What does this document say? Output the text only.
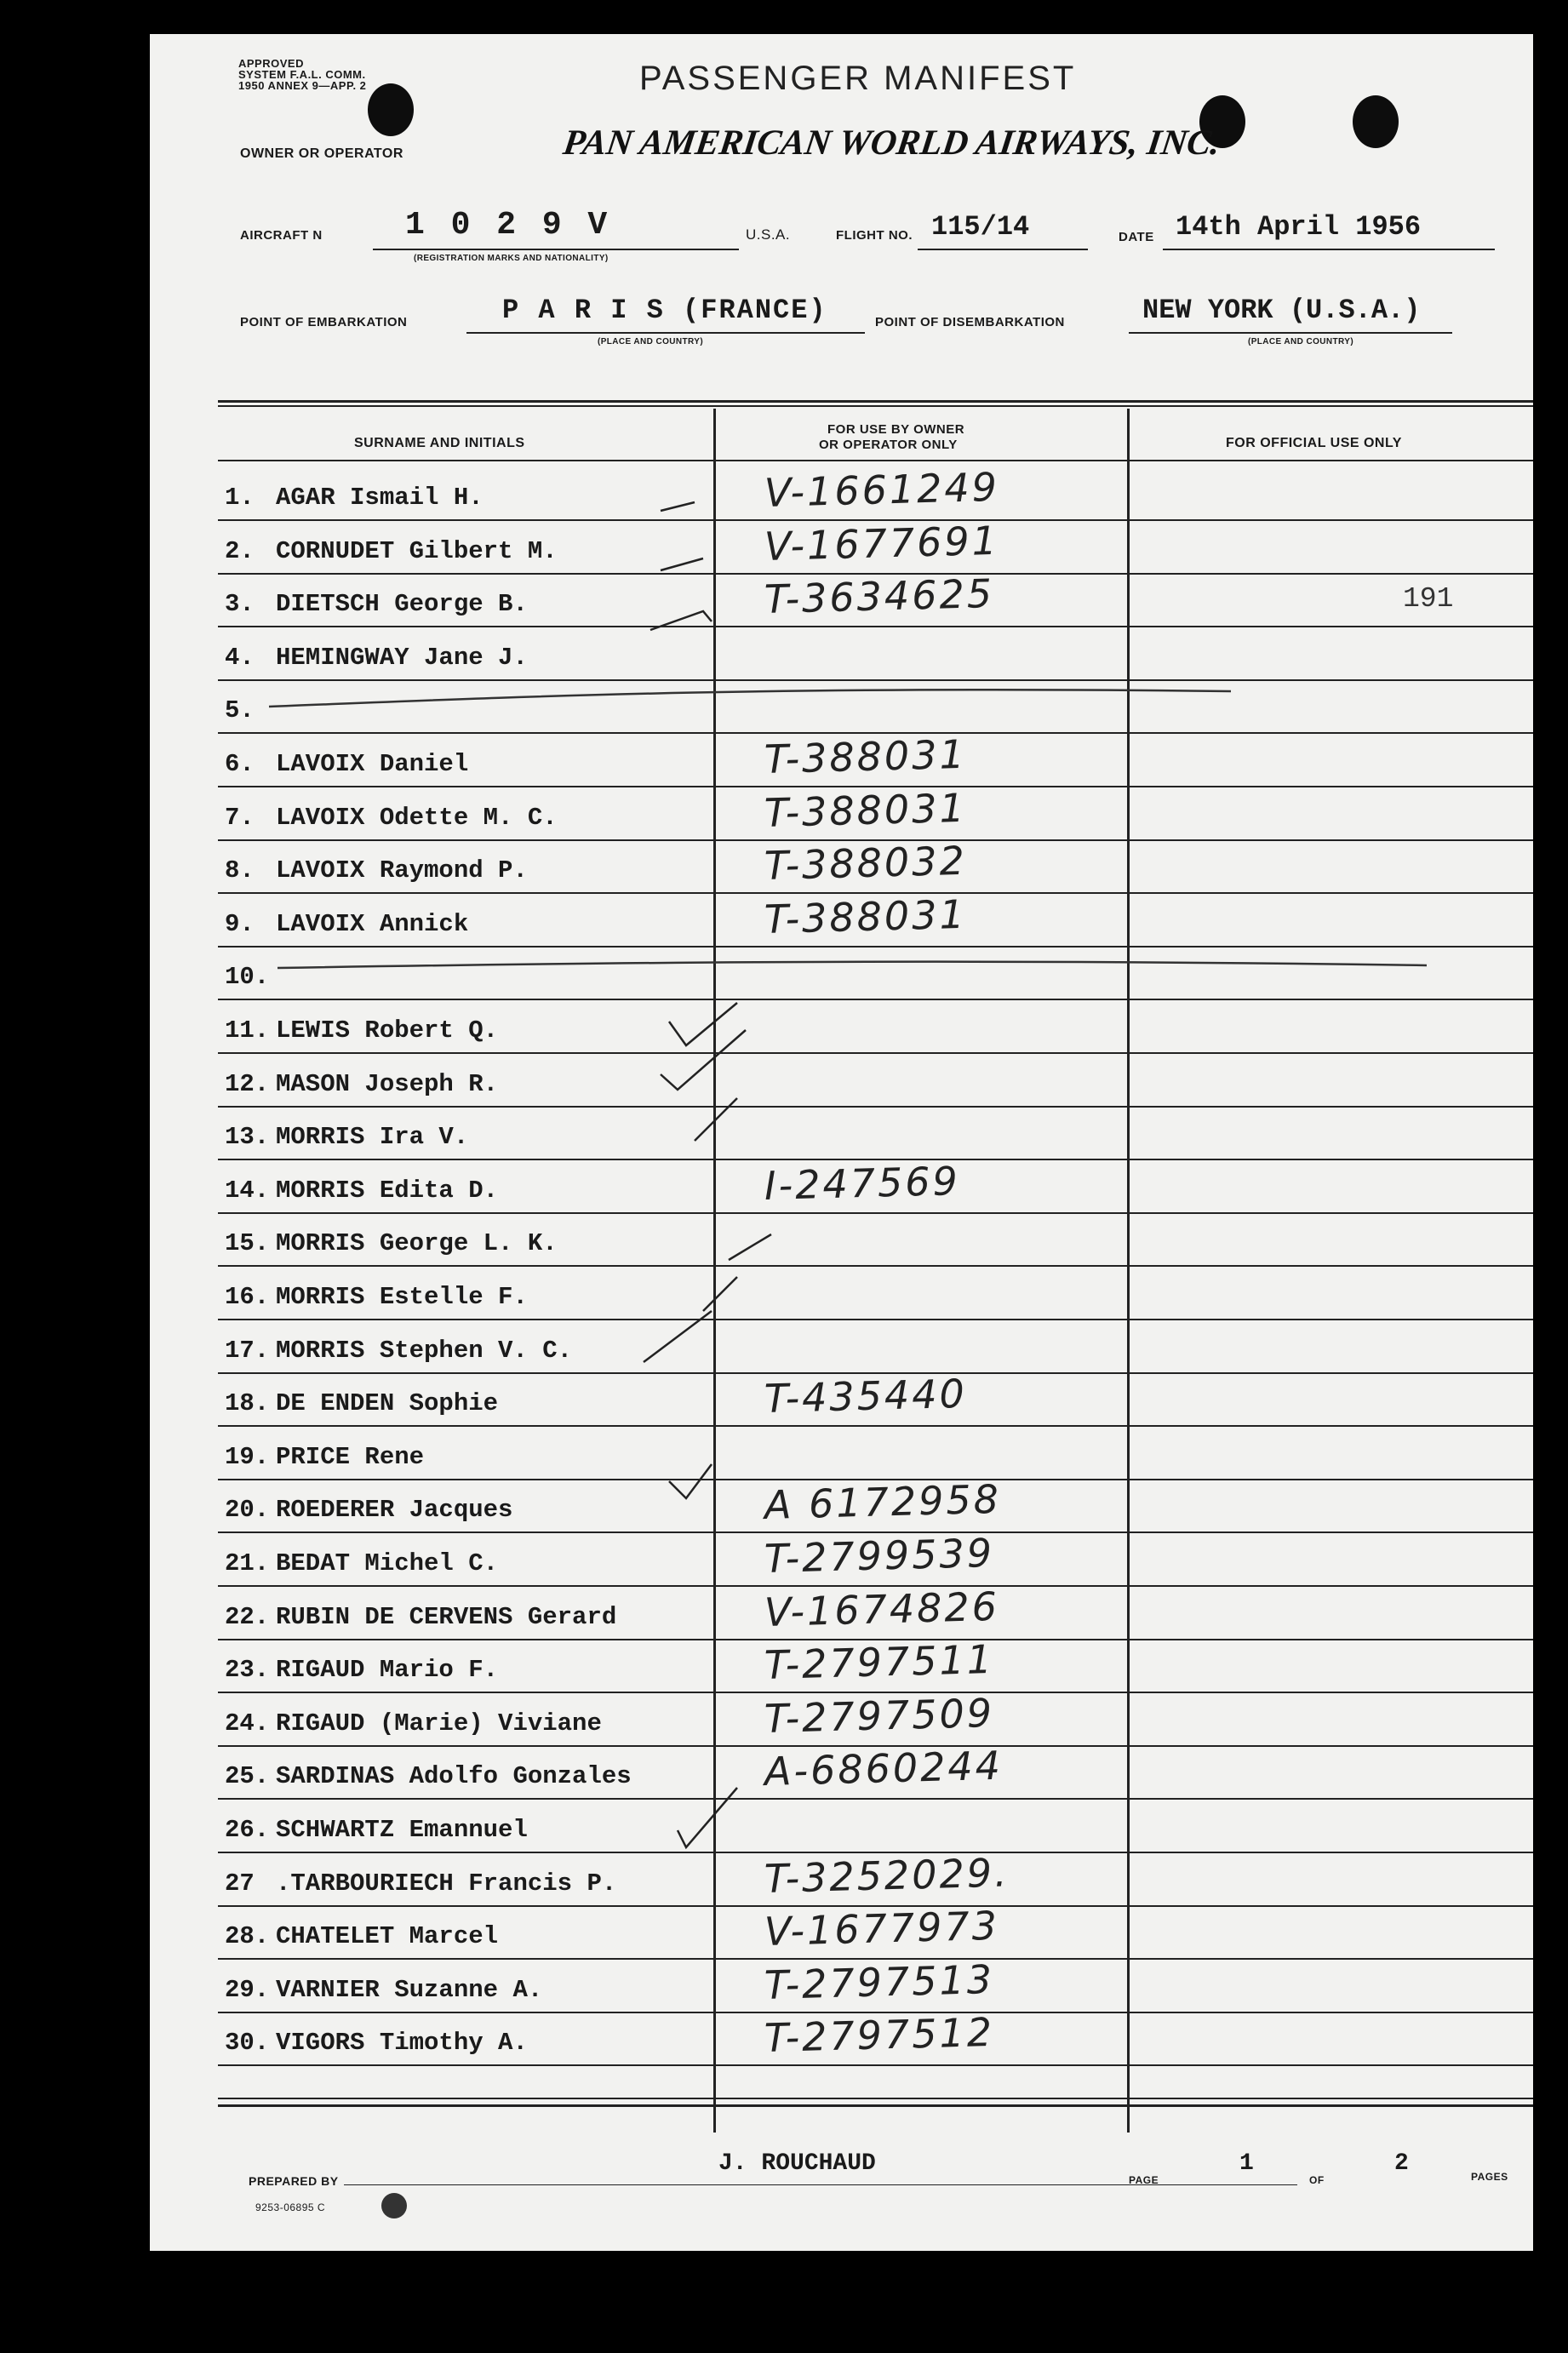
APPROVED
SYSTEM F.A.L. COMM.
1950 ANNEX 9—APP. 2
OWNER OR OPERATOR
PASSENGER MANIFEST
PAN AMERICAN WORLD AIRWAYS, INC.
AIRCRAFT N	1 0 2 9 V
(REGISTRATION MARKS AND NATIONALITY)
U.S.A.	FLIGHT NO. 115/14	DATE 14th April 1956
POINT OF EMBARKATION	P A R I S (FRANCE)
(PLACE AND COUNTRY)
POINT OF DISEMBARKATION	NEW YORK (U.S.A.)
(PLACE AND COUNTRY)
SURNAME AND INITIALS
FOR USE BY OWNER
OR OPERATOR ONLY	FOR OFFICIAL USE ONLY
1. AGAR Ismail H.	V-1661249
2. CORNUDET Gilbert M.	V-1677691
3. DIETSCH George B.	T-3634625	191
4. HEMINGWAY Jane J.
5.
6. LAVOIX Daniel	T-388031
7. LAVOIX Odette M. C.	T-388031
8. LAVOIX Raymond P.	T-388032
9. LAVOIX Annick	T-388031
10.
11. LEWIS Robert Q.
12. MASON Joseph R.
13. MORRIS Ira V.
14. MORRIS Edita D.	I-247569
15. MORRIS George L. K.
16. MORRIS Estelle F.
17. MORRIS Stephen V. C.
18. DE ENDEN Sophie	T-435440
19. PRICE Rene
20. ROEDERER Jacques	A 6172958
21. BEDAT Michel C.	T-2799539
22. RUBIN DE CERVENS Gerard	V-1674826
23. RIGAUD Mario F.	T-2797511
24. RIGAUD (Marie) Viviane	T-2797509
25. SARDINAS Adolfo Gonzales	A-6860244
26. SCHWARTZ Emannuel
27 .TARBOURIECH Francis P.	T-3252029.
28. CHATELET Marcel	V-1677973
29. VARNIER Suzanne A.	T-2797513
30. VIGORS Timothy A.	T-2797512
PREPARED BY
J. ROUCHAUD
PAGE
1
OF
2	PAGES
9253-06895 C
